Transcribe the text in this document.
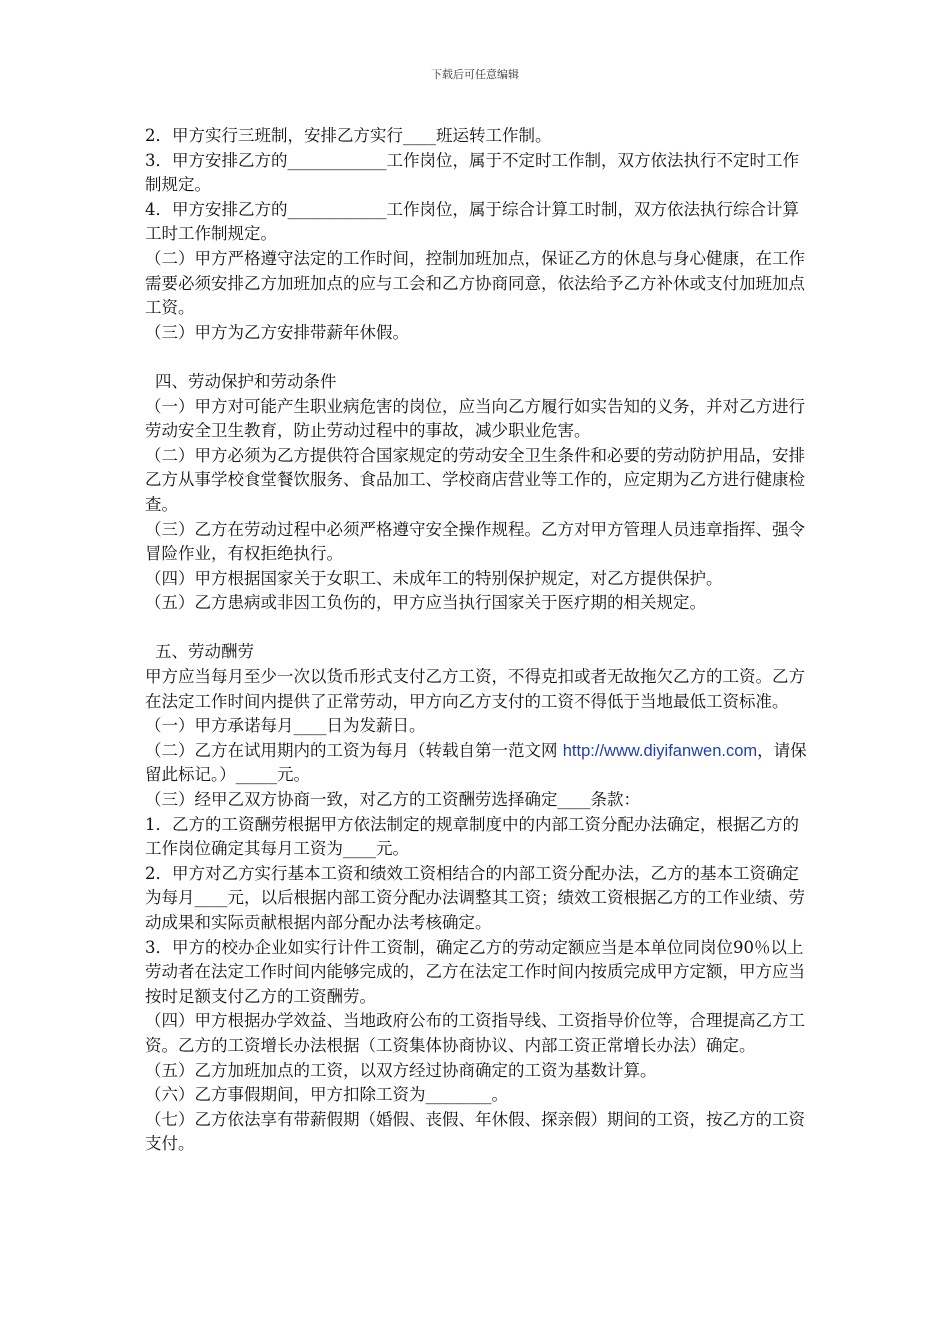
下载后可任意编辑

2．甲方实行三班制，安排乙方实行____班运转工作制。

3．甲方安排乙方的____________工作岗位，属于不定时工作制，双方依法执行不定时工作制规定。

4．甲方安排乙方的____________工作岗位，属于综合计算工时制，双方依法执行综合计算工时工作制规定。

（二）甲方严格遵守法定的工作时间，控制加班加点，保证乙方的休息与身心健康，在工作需要必须安排乙方加班加点的应与工会和乙方协商同意，依法给予乙方补休或支付加班加点工资。

（三）甲方为乙方安排带薪年休假。

四、劳动保护和劳动条件

（一）甲方对可能产生职业病危害的岗位，应当向乙方履行如实告知的义务，并对乙方进行劳动安全卫生教育，防止劳动过程中的事故，减少职业危害。

（二）甲方必须为乙方提供符合国家规定的劳动安全卫生条件和必要的劳动防护用品，安排乙方从事学校食堂餐饮服务、食品加工、学校商店营业等工作的，应定期为乙方进行健康检查。

（三）乙方在劳动过程中必须严格遵守安全操作规程。乙方对甲方管理人员违章指挥、强令冒险作业，有权拒绝执行。

（四）甲方根据国家关于女职工、未成年工的特别保护规定，对乙方提供保护。

（五）乙方患病或非因工负伤的，甲方应当执行国家关于医疗期的相关规定。

五、劳动酬劳

甲方应当每月至少一次以货币形式支付乙方工资，不得克扣或者无故拖欠乙方的工资。乙方在法定工作时间内提供了正常劳动，甲方向乙方支付的工资不得低于当地最低工资标准。

（一）甲方承诺每月____日为发薪日。

（二）乙方在试用期内的工资为每月（转载自第一范文网 http://www.diyifanwen.com，请保留此标记。）_____元。

（三）经甲乙双方协商一致，对乙方的工资酬劳选择确定____条款：

1．乙方的工资酬劳根据甲方依法制定的规章制度中的内部工资分配办法确定，根据乙方的工作岗位确定其每月工资为____元。

2．甲方对乙方实行基本工资和绩效工资相结合的内部工资分配办法，乙方的基本工资确定为每月____元，以后根据内部工资分配办法调整其工资；绩效工资根据乙方的工作业绩、劳动成果和实际贡献根据内部分配办法考核确定。

3．甲方的校办企业如实行计件工资制，确定乙方的劳动定额应当是本单位同岗位90％以上劳动者在法定工作时间内能够完成的，乙方在法定工作时间内按质完成甲方定额，甲方应当按时足额支付乙方的工资酬劳。

（四）甲方根据办学效益、当地政府公布的工资指导线、工资指导价位等，合理提高乙方工资。乙方的工资增长办法根据（工资集体协商协议、内部工资正常增长办法）确定。

（五）乙方加班加点的工资，以双方经过协商确定的工资为基数计算。

（六）乙方事假期间，甲方扣除工资为________。

（七）乙方依法享有带薪假期（婚假、丧假、年休假、探亲假）期间的工资，按乙方的工资支付。
